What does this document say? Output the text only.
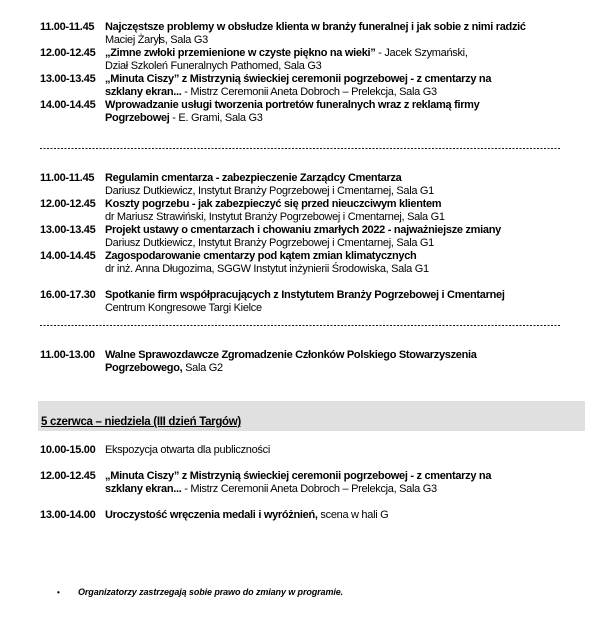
11.00-11.45 Najczęstsze problemy w obsłudze klienta w branży funeralnej i jak sobie z nimi radzić
Maciej Żarys, Sala G3
12.00-12.45 „Zimne zwłoki przemienione w czyste piękno na wieki” - Jacek Szymański,
Dział Szkoleń Funeralnych Pathomed, Sala G3
13.00-13.45 „Minuta Ciszy” z Mistrzynią świeckiej ceremonii pogrzebowej - z cmentarzy na
szklany ekran... - Mistrz Ceremonii Aneta Dobroch – Prelekcja, Sala G3
14.00-14.45 Wprowadzanie usługi tworzenia portretów funeralnych wraz z reklamą firmy
Pogrzebowej - E. Grami, Sala G3
11.00-11.45 Regulamin cmentarza - zabezpieczenie Zarządcy Cmentarza
Dariusz Dutkiewicz, Instytut Branży Pogrzebowej i Cmentarnej, Sala G1
12.00-12.45 Koszty pogrzebu - jak zabezpieczyć się przed nieuczciwym klientem
dr Mariusz Strawiński, Instytut Branży Pogrzebowej i Cmentarnej, Sala G1
13.00-13.45 Projekt ustawy o cmentarzach i chowaniu zmarłych 2022 - najważniejsze zmiany
Dariusz Dutkiewicz, Instytut Branży Pogrzebowej i Cmentarnej, Sala G1
14.00-14.45 Zagospodarowanie cmentarzy pod kątem zmian klimatycznych
dr inż. Anna Długozima, SGGW Instytut inżynierii Środowiska, Sala G1
16.00-17.30 Spotkanie firm współpracujących z Instytutem Branży Pogrzebowej i Cmentarnej
Centrum Kongresowe Targi Kielce
11.00-13.00 Walne Sprawozdawcze Zgromadzenie Członków Polskiego Stowarzyszenia
Pogrzebowego, Sala G2
5 czerwca – niedziela (III dzień Targów)
10.00-15.00 Ekspozycja otwarta dla publiczności
12.00-12.45 „Minuta Ciszy” z Mistrzynią świeckiej ceremonii pogrzebowej - z cmentarzy na
szklany ekran... - Mistrz Ceremonii Aneta Dobroch – Prelekcja, Sala G3
13.00-14.00 Uroczystość wręczenia medali i wyróżnień, scena w hali G
•	Organizatorzy zastrzegają sobie prawo do zmiany w programie.
